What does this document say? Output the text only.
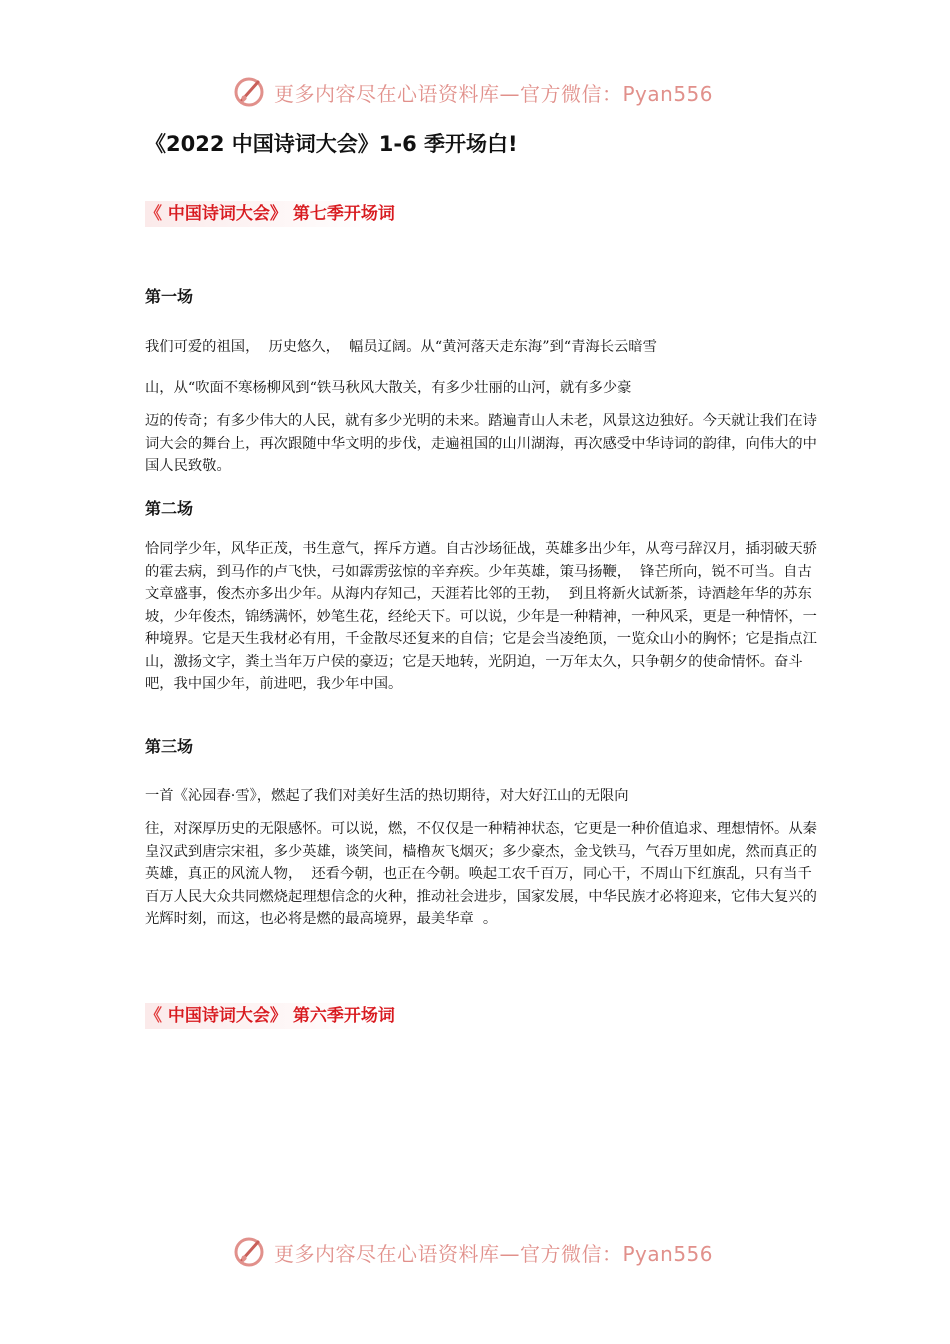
更多内容尽在心语资料库—官方微信：Pyan556
《2022 中国诗词大会》1-6 季开场白!
《 中国诗词大会》 第七季开场词
第一场

我们可爱的祖国，  历史悠久，  幅员辽阔。从“黄河落天走东海”到“青海长云暗雪

山，从“吹面不寒杨柳风到“铁马秋风大散关，有多少壮丽的山河，就有多少豪

迈的传奇；有多少伟大的人民，就有多少光明的未来。踏遍青山人未老，风景这边独好。今天就让我们在诗词大会的舞台上，再次跟随中华文明的步伐，走遍祖国的山川湖海，再次感受中华诗词的韵律，向伟大的中国人民致敬。

第二场

恰同学少年，风华正茂，书生意气，挥斥方遒。自古沙场征战，英雄多出少年，从弯弓辞汉月，插羽破天骄的霍去病，到马作的卢飞快，弓如霹雳弦惊的辛弃疾。少年英雄，策马扬鞭，  锋芒所向，锐不可当。自古文章盛事，俊杰亦多出少年。从海内存知己，天涯若比邻的王勃，  到且将新火试新茶，诗酒趁年华的苏东坡，少年俊杰，锦绣满怀，妙笔生花，经纶天下。可以说，少年是一种精神，一种风采，更是一种情怀，一种境界。它是天生我材必有用，千金散尽还复来的自信；它是会当凌绝顶，一览众山小的胸怀；它是指点江山，激扬文字，粪土当年万户侯的豪迈；它是天地转，光阴迫，一万年太久，只争朝夕的使命情怀。奋斗吧，我中国少年，前进吧，我少年中国。

第三场

一首《沁园春·雪》，燃起了我们对美好生活的热切期待，对大好江山的无限向

往，对深厚历史的无限感怀。可以说，燃，不仅仅是一种精神状态，它更是一种价值追求、理想情怀。从秦皇汉武到唐宗宋祖，多少英雄，谈笑间，樯橹灰飞烟灭；多少豪杰，金戈铁马，气吞万里如虎，然而真正的英雄，真正的风流人物，  还看今朝，也正在今朝。唤起工农千百万，同心干，不周山下红旗乱，只有当千百万人民大众共同燃烧起理想信念的火种，推动社会进步，国家发展，中华民族才必将迎来，它伟大复兴的光辉时刻，而这，也必将是燃的最高境界，最美华章  。

《 中国诗词大会》 第六季开场词
更多内容尽在心语资料库—官方微信：Pyan556
